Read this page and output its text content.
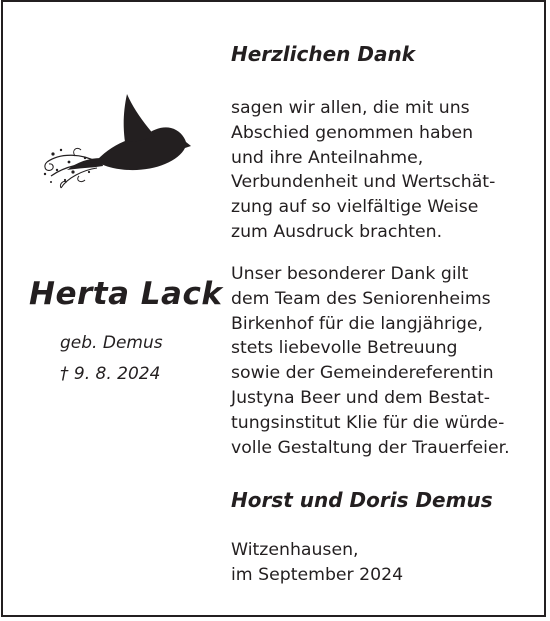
Herta Lack
geb. Demus
† 9. 8. 2024
Herzlichen Dank

sagen wir allen, die mit uns
Abschied genommen haben
und ihre Anteilnahme,
Verbundenheit und Wertschät-
zung auf so vielfältige Weise
zum Ausdruck brachten.

Unser besonderer Dank gilt
dem Team des Seniorenheims
Birkenhof für die langjährige,
stets liebevolle Betreuung
sowie der Gemeindereferentin
Justyna Beer und dem Bestat-
tungsinstitut Klie für die würde-
volle Gestaltung der Trauerfeier.

Horst und Doris Demus

Witzenhausen,
im September 2024
